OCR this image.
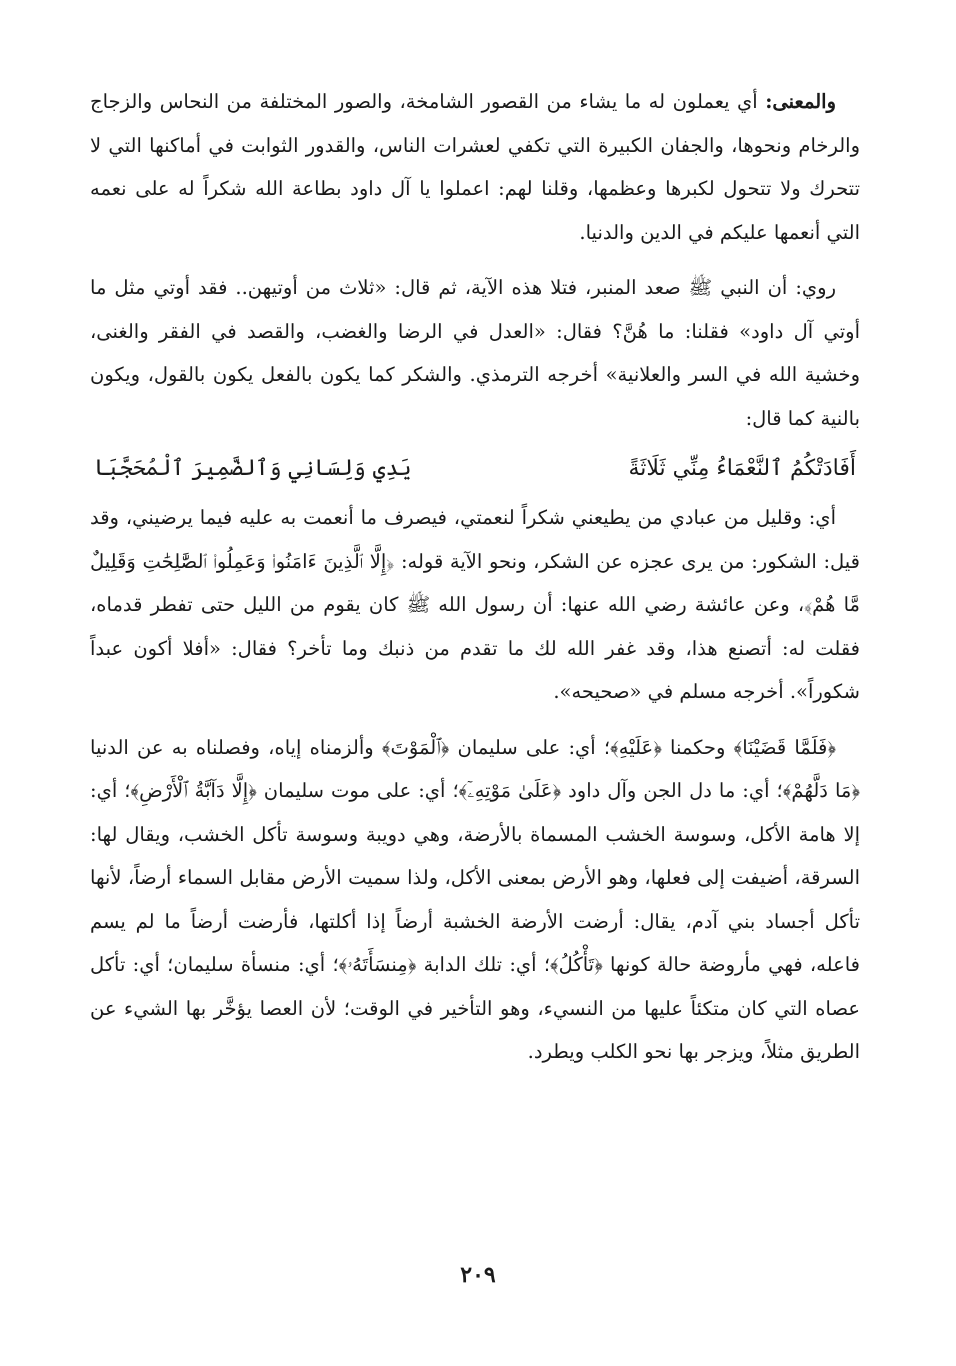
والمعنى: أي يعملون له ما يشاء من القصور الشامخة، والصور المختلفة من النحاس والزجاج والرخام ونحوها، والجفان الكبيرة التي تكفي لعشرات الناس، والقدور الثوابت في أماكنها التي لا تتحرك ولا تتحول لكبرها وعظمها، وقلنا لهم: اعملوا يا آل داود بطاعة الله شكراً له على نعمه التي أنعمها عليكم في الدين والدنيا.

روي: أن النبي ﷺ صعد المنبر، فتلا هذه الآية، ثم قال: «ثلاث من أوتيهن.. فقد أوتي مثل ما أوتي آل داود» فقلنا: ما هُنَّ؟ فقال: «العدل في الرضا والغضب، والقصد في الفقر والغنى، وخشية الله في السر والعلانية» أخرجه الترمذي. والشكر كما يكون بالفعل يكون بالقول، ويكون بالنية كما قال:

أَفَادَتْكُمُ ٱلنَّعْمَاءُ مِنِّي ثَلَاثَةً
يَدِي وَلِسَانِي وَٱلضَّمِيرَ ٱلْمُحَجَّبَا

أي: وقليل من عبادي من يطيعني شكراً لنعمتي، فيصرف ما أنعمت به عليه فيما يرضيني، وقد قيل: الشكور: من يرى عجزه عن الشكر، ونحو الآية قوله: ﴿إِلَّا ٱلَّذِينَ ءَامَنُوا۟ وَعَمِلُوا۟ ٱلصَّٰلِحَٰتِ وَقَلِيلٌ مَّا هُمْ﴾، وعن عائشة رضي الله عنها: أن رسول الله ﷺ كان يقوم من الليل حتى تفطر قدماه، فقلت له: أتصنع هذا، وقد غفر الله لك ما تقدم من ذنبك وما تأخر؟ فقال: «أفلا أكون عبداً شكوراً». أخرجه مسلم في «صحيحه».

﴿فَلَمَّا قَضَيْنَا﴾ وحكمنا ﴿عَلَيْهِ﴾؛ أي: على سليمان ﴿ٱلْمَوْتَ﴾ وألزمناه إياه، وفصلناه به عن الدنيا ﴿مَا دَلَّهُمْ﴾؛ أي: ما دل الجن وآل داود ﴿عَلَىٰ مَوْتِهِۦٓ﴾؛ أي: على موت سليمان ﴿إِلَّا دَآبَّةُ ٱلْأَرْضِ﴾؛ أي: إلا هامة الأكل، وسوسة الخشب المسماة بالأرضة، وهي دويبة وسوسة تأكل الخشب، ويقال لها: السرقة، أضيفت إلى فعلها، وهو الأرض بمعنى الأكل، ولذا سميت الأرض مقابل السماء أرضاً، لأنها تأكل أجساد بني آدم، يقال: أرضت الأرضة الخشبة أرضاً إذا أكلتها، فأرضت أرضاً ما لم يسم فاعله، فهي مأروضة حالة كونها ﴿تَأْكُلُ﴾؛ أي: تلك الدابة ﴿مِنسَأَتَهُۥ﴾؛ أي: منسأة سليمان؛ أي: تأكل عصاه التي كان متكئاً عليها من النسيء، وهو التأخير في الوقت؛ لأن العصا يؤخَّر بها الشيء عن الطريق مثلاً، ويزجر بها نحو الكلب ويطرد.

٢٠٩
